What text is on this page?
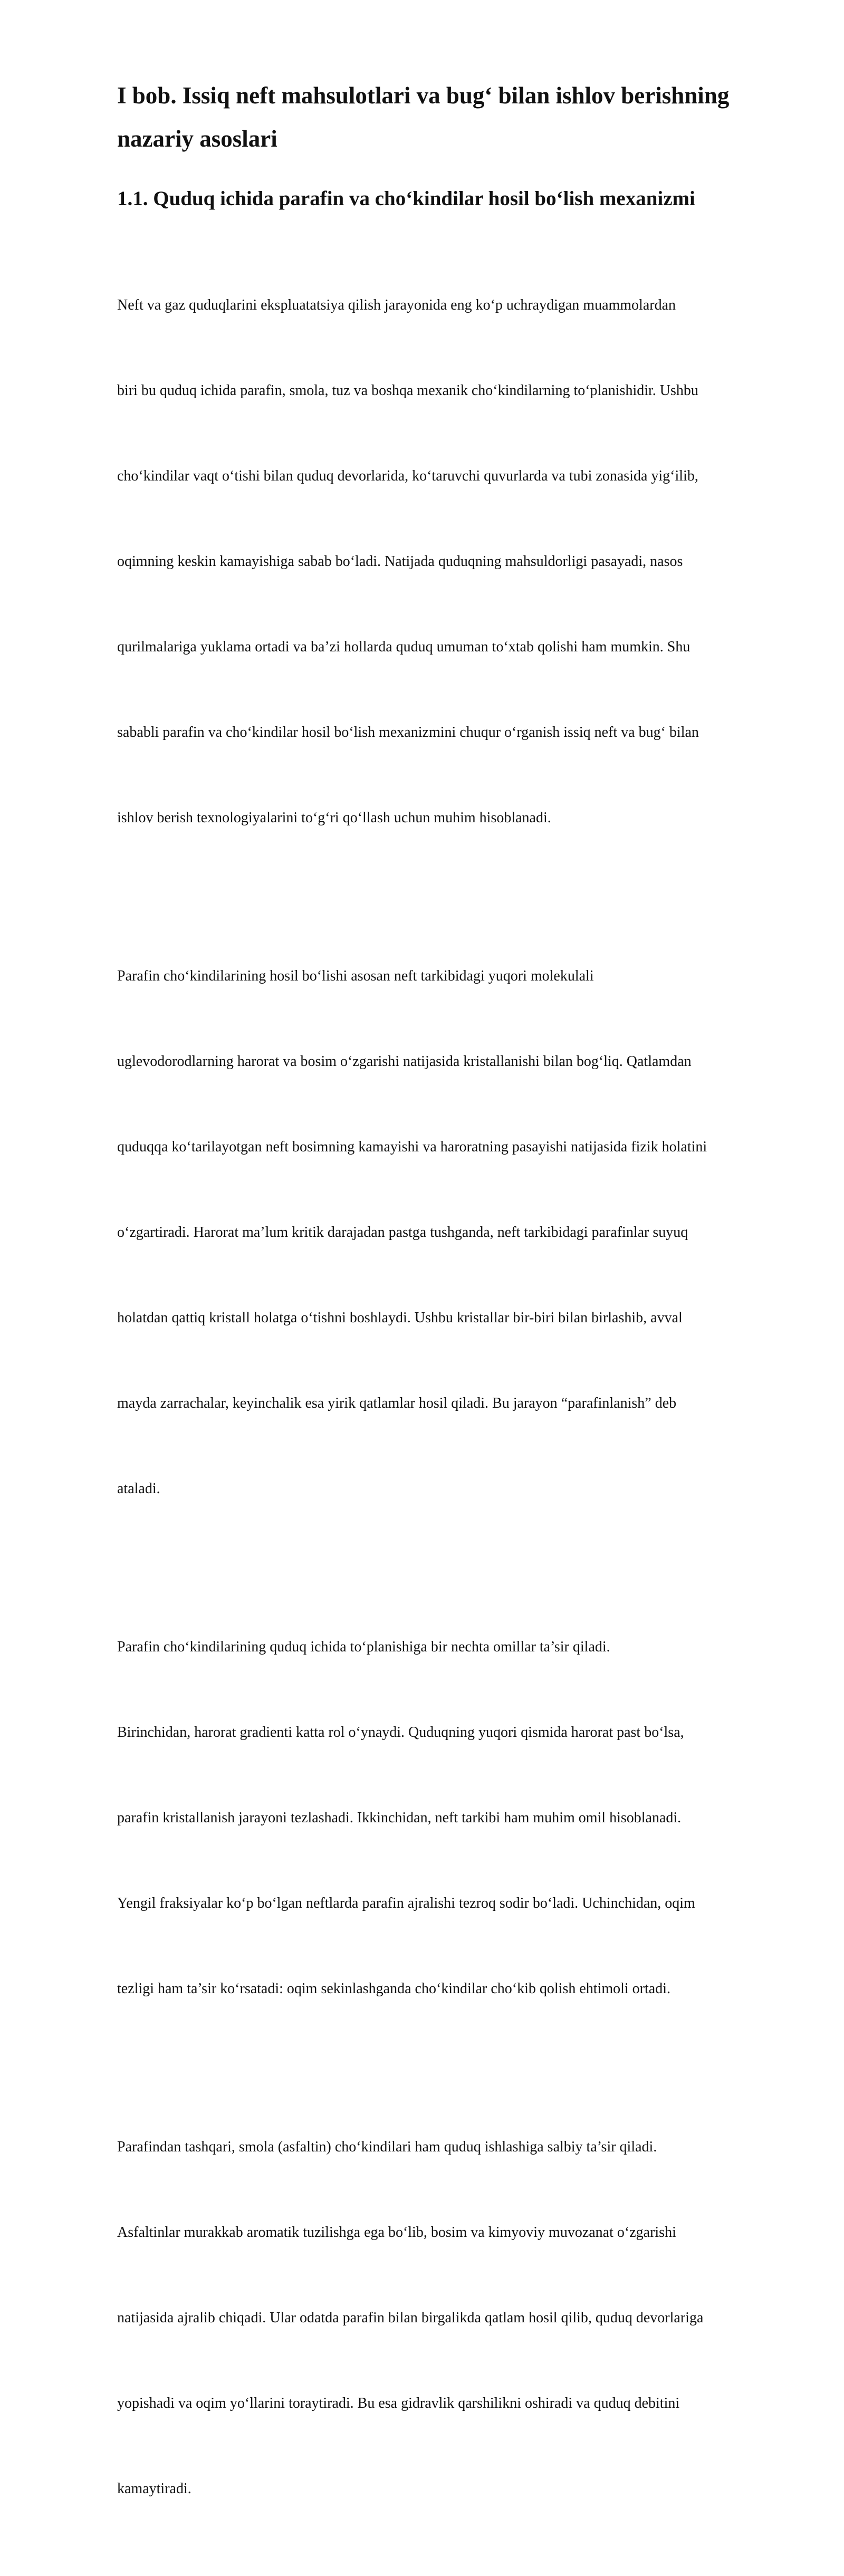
I bob. Issiq neft mahsulotlari va bug‘ bilan ishlov berishning
nazariy asoslari
1.1. Quduq ichida parafin va cho‘kindilar hosil bo‘lish mexanizmi

Neft va gaz quduqlarini ekspluatatsiya qilish jarayonida eng ko‘p uchraydigan muammolardan

biri bu quduq ichida parafin, smola, tuz va boshqa mexanik cho‘kindilarning to‘planishidir. Ushbu

cho‘kindilar vaqt o‘tishi bilan quduq devorlarida, ko‘taruvchi quvurlarda va tubi zonasida yig‘ilib,

oqimning keskin kamayishiga sabab bo‘ladi. Natijada quduqning mahsuldorligi pasayadi, nasos

qurilmalariga yuklama ortadi va ba’zi hollarda quduq umuman to‘xtab qolishi ham mumkin. Shu

sababli parafin va cho‘kindilar hosil bo‘lish mexanizmini chuqur o‘rganish issiq neft va bug‘ bilan

ishlov berish texnologiyalarini to‘g‘ri qo‘llash uchun muhim hisoblanadi.

Parafin cho‘kindilarining hosil bo‘lishi asosan neft tarkibidagi yuqori molekulali

uglevodorodlarning harorat va bosim o‘zgarishi natijasida kristallanishi bilan bog‘liq. Qatlamdan

quduqqa ko‘tarilayotgan neft bosimning kamayishi va haroratning pasayishi natijasida fizik holatini

o‘zgartiradi. Harorat ma’lum kritik darajadan pastga tushganda, neft tarkibidagi parafinlar suyuq

holatdan qattiq kristall holatga o‘tishni boshlaydi. Ushbu kristallar bir-biri bilan birlashib, avval

mayda zarrachalar, keyinchalik esa yirik qatlamlar hosil qiladi. Bu jarayon “parafinlanish” deb

ataladi.

Parafin cho‘kindilarining quduq ichida to‘planishiga bir nechta omillar ta’sir qiladi.

Birinchidan, harorat gradienti katta rol o‘ynaydi. Quduqning yuqori qismida harorat past bo‘lsa,

parafin kristallanish jarayoni tezlashadi. Ikkinchidan, neft tarkibi ham muhim omil hisoblanadi.

Yengil fraksiyalar ko‘p bo‘lgan neftlarda parafin ajralishi tezroq sodir bo‘ladi. Uchinchidan, oqim

tezligi ham ta’sir ko‘rsatadi: oqim sekinlashganda cho‘kindilar cho‘kib qolish ehtimoli ortadi.

Parafindan tashqari, smola (asfaltin) cho‘kindilari ham quduq ishlashiga salbiy ta’sir qiladi.

Asfaltinlar murakkab aromatik tuzilishga ega bo‘lib, bosim va kimyoviy muvozanat o‘zgarishi

natijasida ajralib chiqadi. Ular odatda parafin bilan birgalikda qatlam hosil qilib, quduq devorlariga

yopishadi va oqim yo‘llarini toraytiradi. Bu esa gidravlik qarshilikni oshiradi va quduq debitini

kamaytiradi.
